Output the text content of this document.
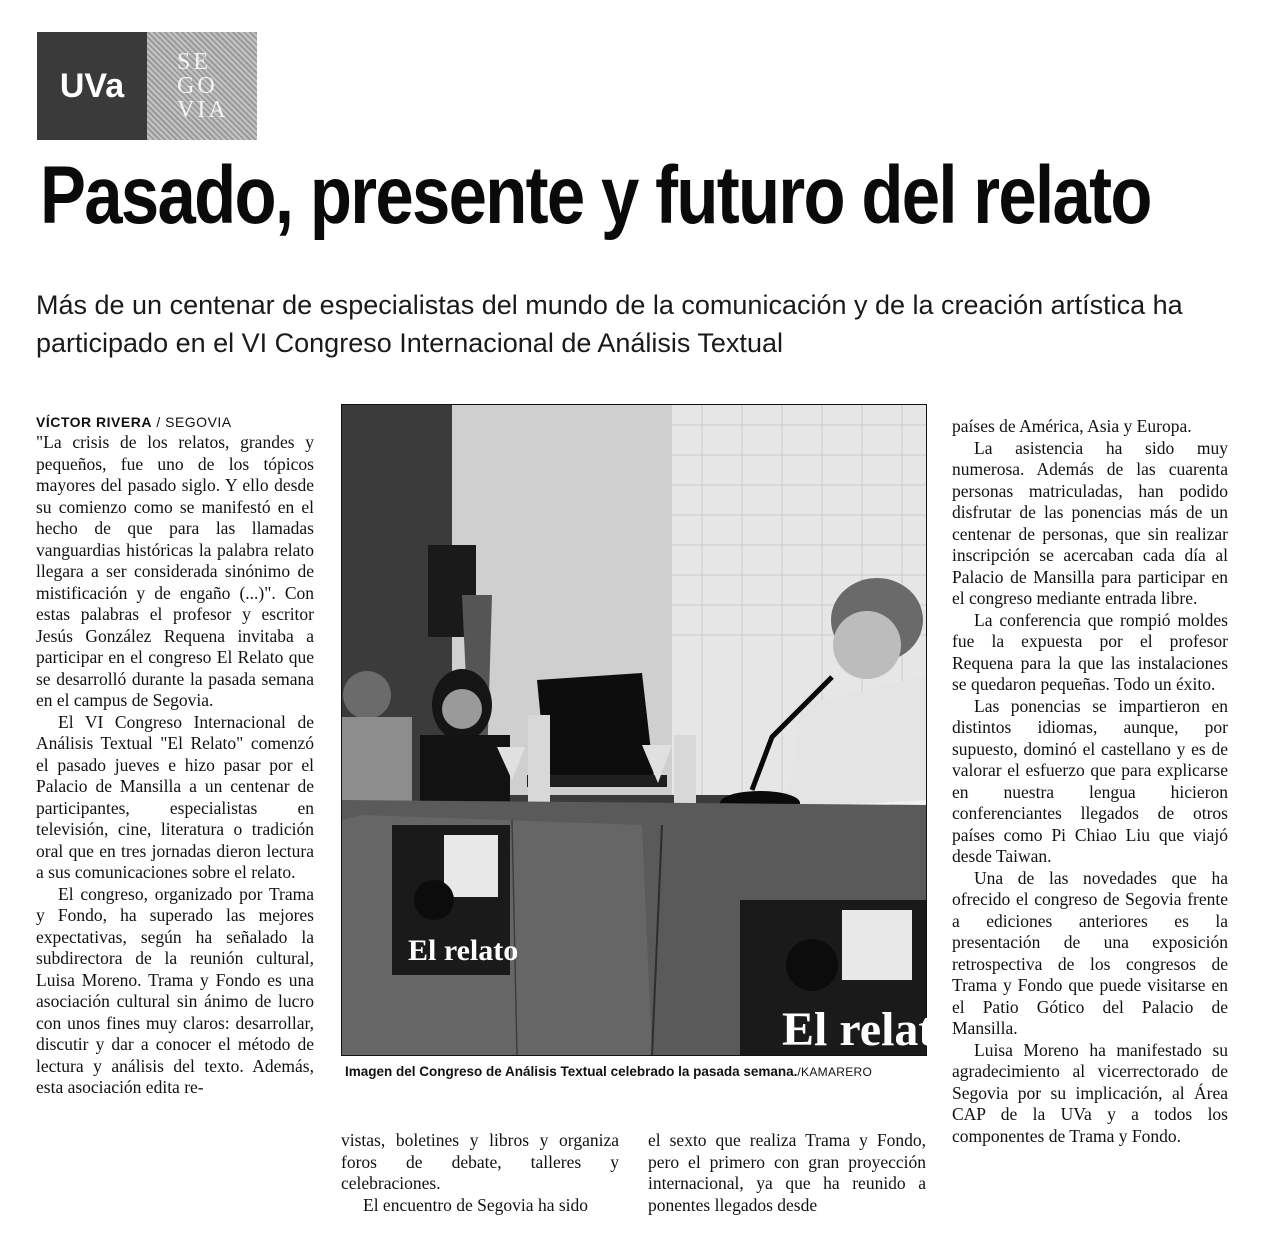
UVa
SE
GO
VIA
Pasado, presente y futuro del relato
Más de un centenar de especialistas del mundo de la comunicación y de la creación artística ha participado en el VI Congreso Internacional de Análisis Textual
VÍCTOR RIVERA / SEGOVIA

"La crisis de los relatos, grandes y pequeños, fue uno de los tópicos mayores del pasado siglo. Y ello desde su comienzo como se manifestó en el hecho de que para las llamadas vanguardias históricas la palabra relato llegara a ser considerada sinónimo de mistificación y de engaño (...)". Con estas palabras el profesor y escritor Jesús González Requena invitaba a participar en el congreso El Relato que se desarrolló durante la pasada semana en el campus de Segovia.

El VI Congreso Internacional de Análisis Textual "El Relato" comenzó el pasado jueves e hizo pasar por el Palacio de Mansilla a un centenar de participantes, especialistas en televisión, cine, literatura o tradición oral que en tres jornadas dieron lectura a sus comunicaciones sobre el relato.

El congreso, organizado por Trama y Fondo, ha superado las mejores expectativas, según ha señalado la subdirectora de la reunión cultural, Luisa Moreno. Trama y Fondo es una asociación cultural sin ánimo de lucro con unos fines muy claros: desarrollar, discutir y dar a conocer el método de lectura y análisis del texto. Además, esta asociación edita re-

El relato
El relato
Imagen del Congreso de Análisis Textual celebrado la pasada semana./KAMARERO

vistas, boletines y libros y organiza foros de debate, talleres y celebraciones.

El encuentro de Segovia ha sido

el sexto que realiza Trama y Fondo, pero el primero con gran proyección internacional, ya que ha reunido a ponentes llegados desde

países de América, Asia y Europa.

La asistencia ha sido muy numerosa. Además de las cuarenta personas matriculadas, han podido disfrutar de las ponencias más de un centenar de personas, que sin realizar inscripción se acercaban cada día al Palacio de Mansilla para participar en el congreso mediante entrada libre.

La conferencia que rompió moldes fue la expuesta por el profesor Requena para la que las instalaciones se quedaron pequeñas. Todo un éxito.

Las ponencias se impartieron en distintos idiomas, aunque, por supuesto, dominó el castellano y es de valorar el esfuerzo que para explicarse en nuestra lengua hicieron conferenciantes llegados de otros países como Pi Chiao Liu que viajó desde Taiwan.

Una de las novedades que ha ofrecido el congreso de Segovia frente a ediciones anteriores es la presentación de una exposición retrospectiva de los congresos de Trama y Fondo que puede visitarse en el Patio Gótico del Palacio de Mansilla.

Luisa Moreno ha manifestado su agradecimiento al vicerrectorado de Segovia por su implicación, al Área CAP de la UVa y a todos los componentes de Trama y Fondo.
